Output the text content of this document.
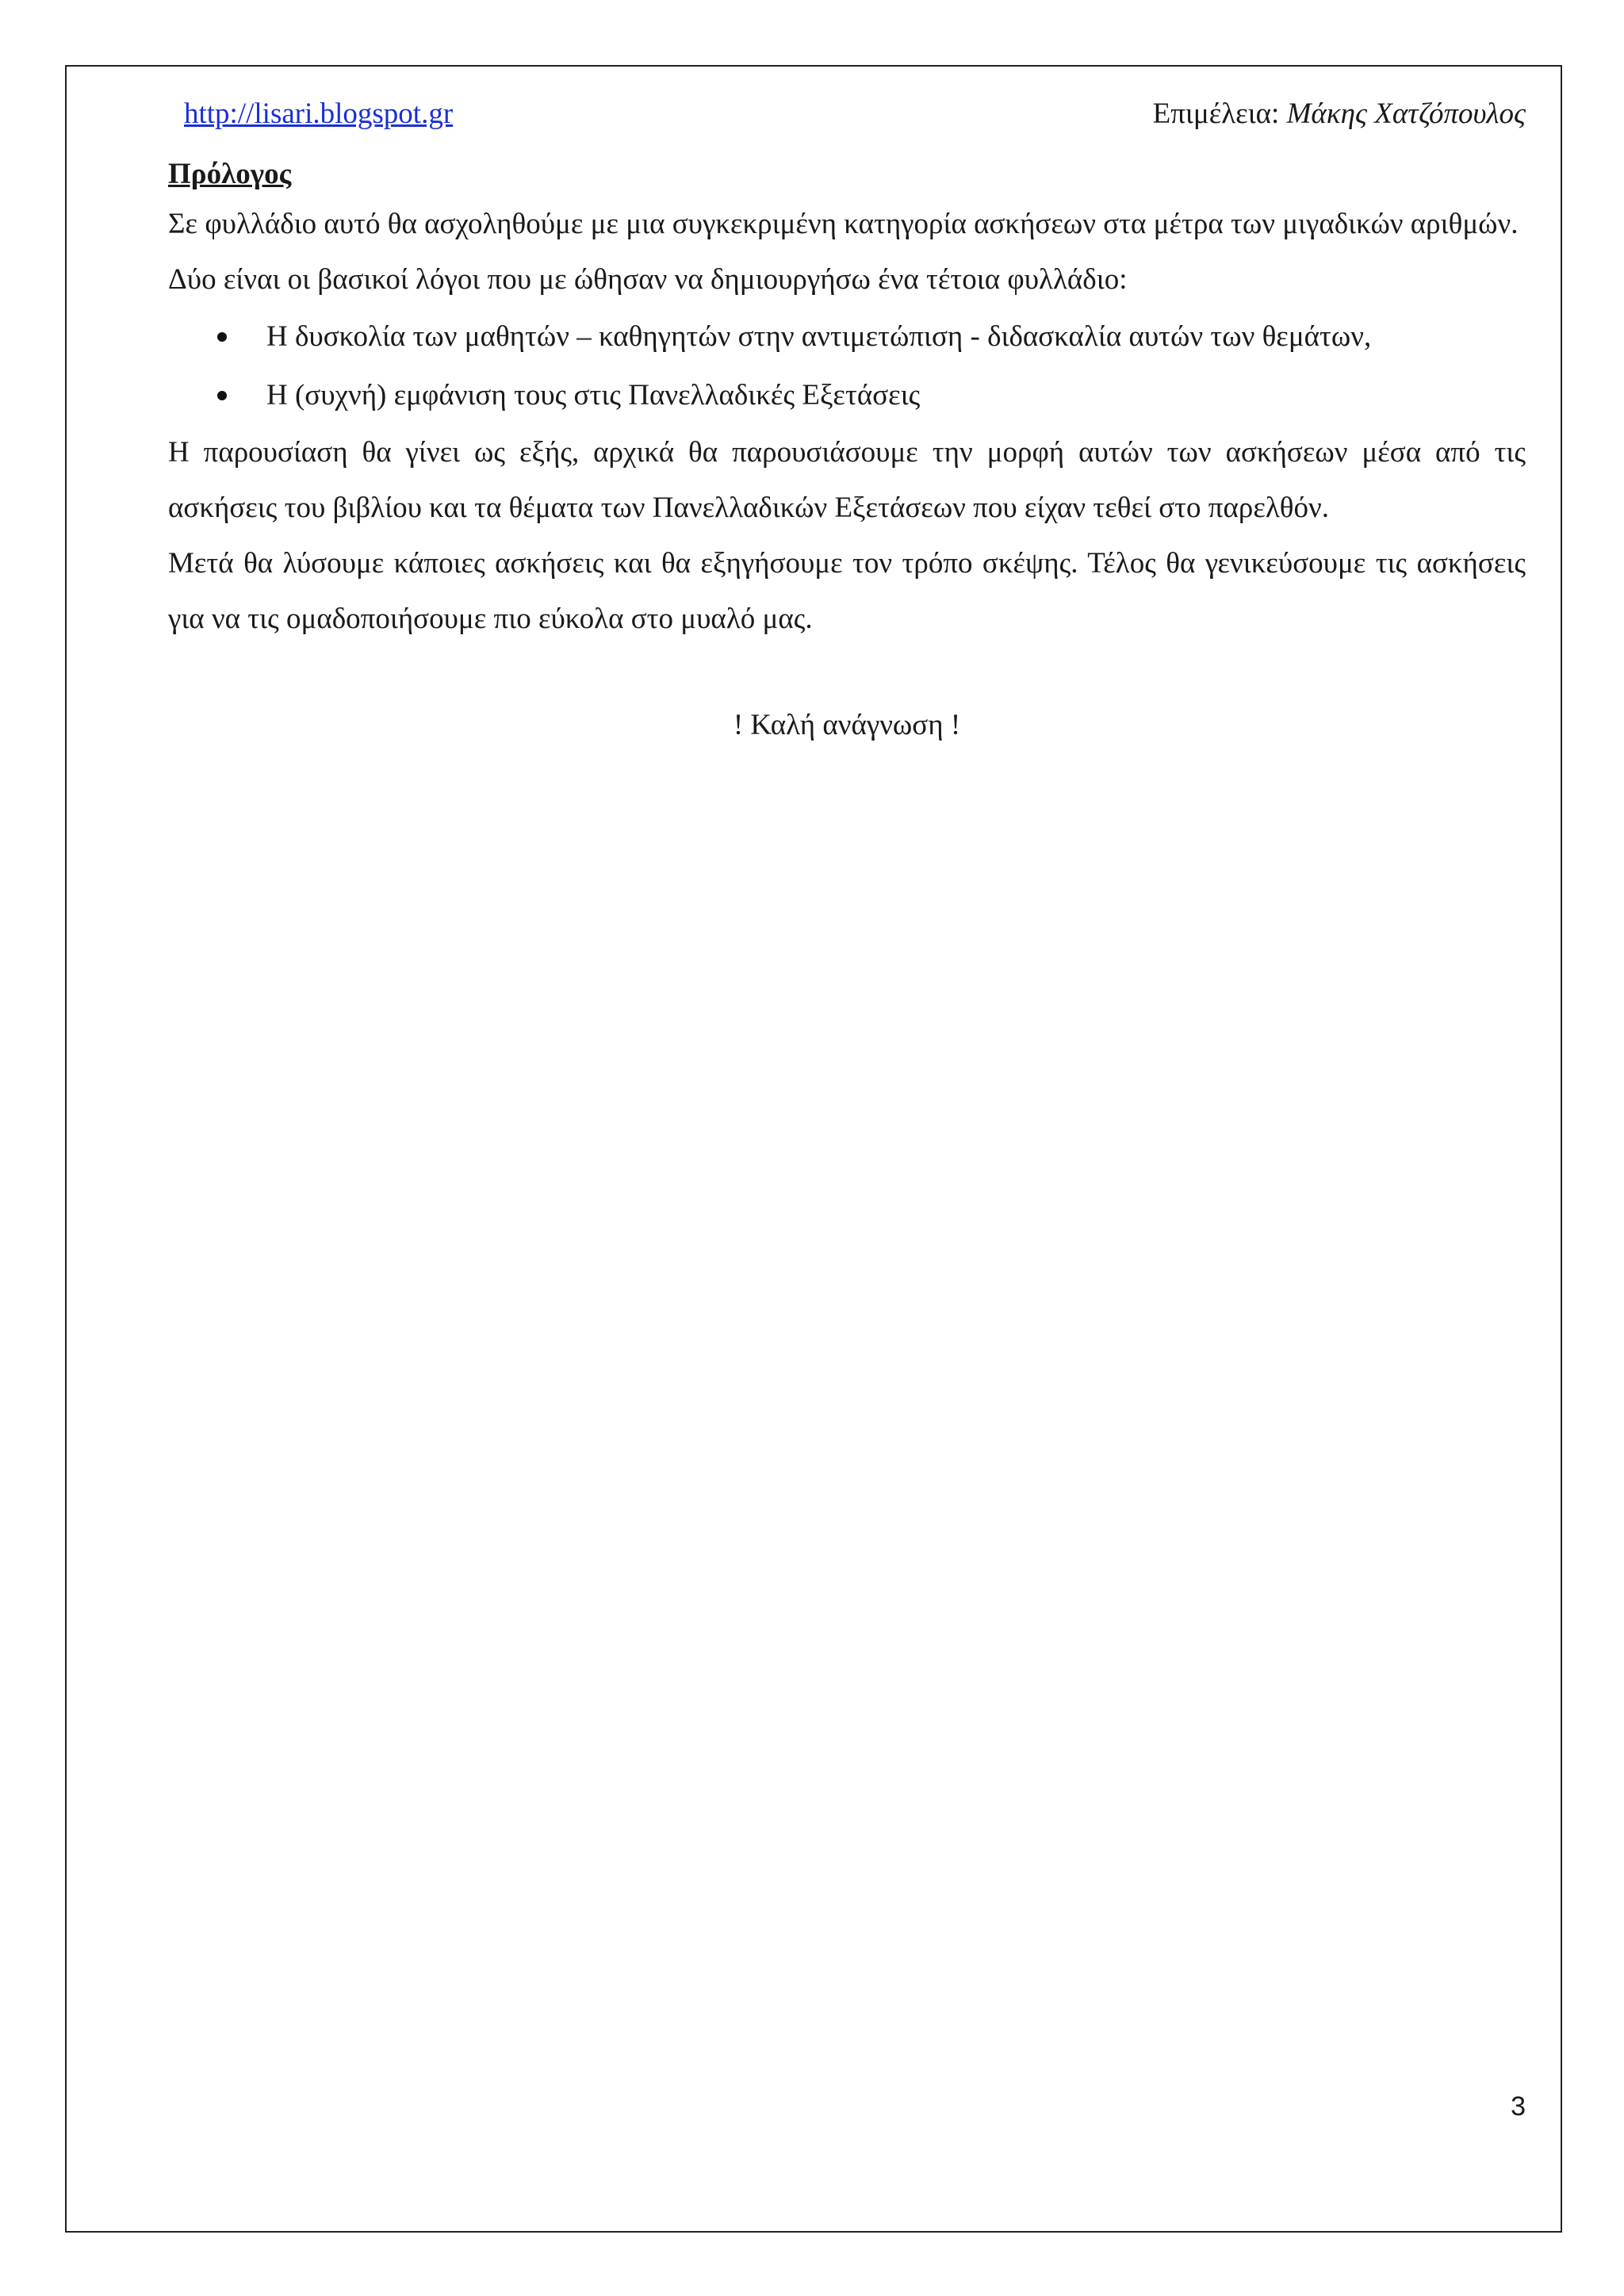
http://lisari.blogspot.gr	Επιμέλεια: Μάκης Χατζόπουλος

Πρόλογος

Σε φυλλάδιο αυτό θα ασχοληθούμε με μια συγκεκριμένη κατηγορία ασκήσεων στα μέτρα των μιγαδικών αριθμών.

Δύο είναι οι βασικοί λόγοι που με ώθησαν να δημιουργήσω ένα τέτοια φυλλάδιο:

Η δυσκολία των μαθητών – καθηγητών στην αντιμετώπιση - διδασκαλία αυτών των θεμάτων,
Η (συχνή) εμφάνιση τους στις Πανελλαδικές Εξετάσεις

Η παρουσίαση θα γίνει ως εξής, αρχικά θα παρουσιάσουμε την μορφή αυτών των ασκήσεων μέσα από τις ασκήσεις του βιβλίου και τα θέματα των Πανελλαδικών Εξετάσεων που είχαν τεθεί στο παρελθόν.

Μετά θα λύσουμε κάποιες ασκήσεις και θα εξηγήσουμε τον τρόπο σκέψης. Τέλος θα γενικεύσουμε τις ασκήσεις για να τις ομαδοποιήσουμε πιο εύκολα στο μυαλό μας.

! Καλή ανάγνωση !

3
